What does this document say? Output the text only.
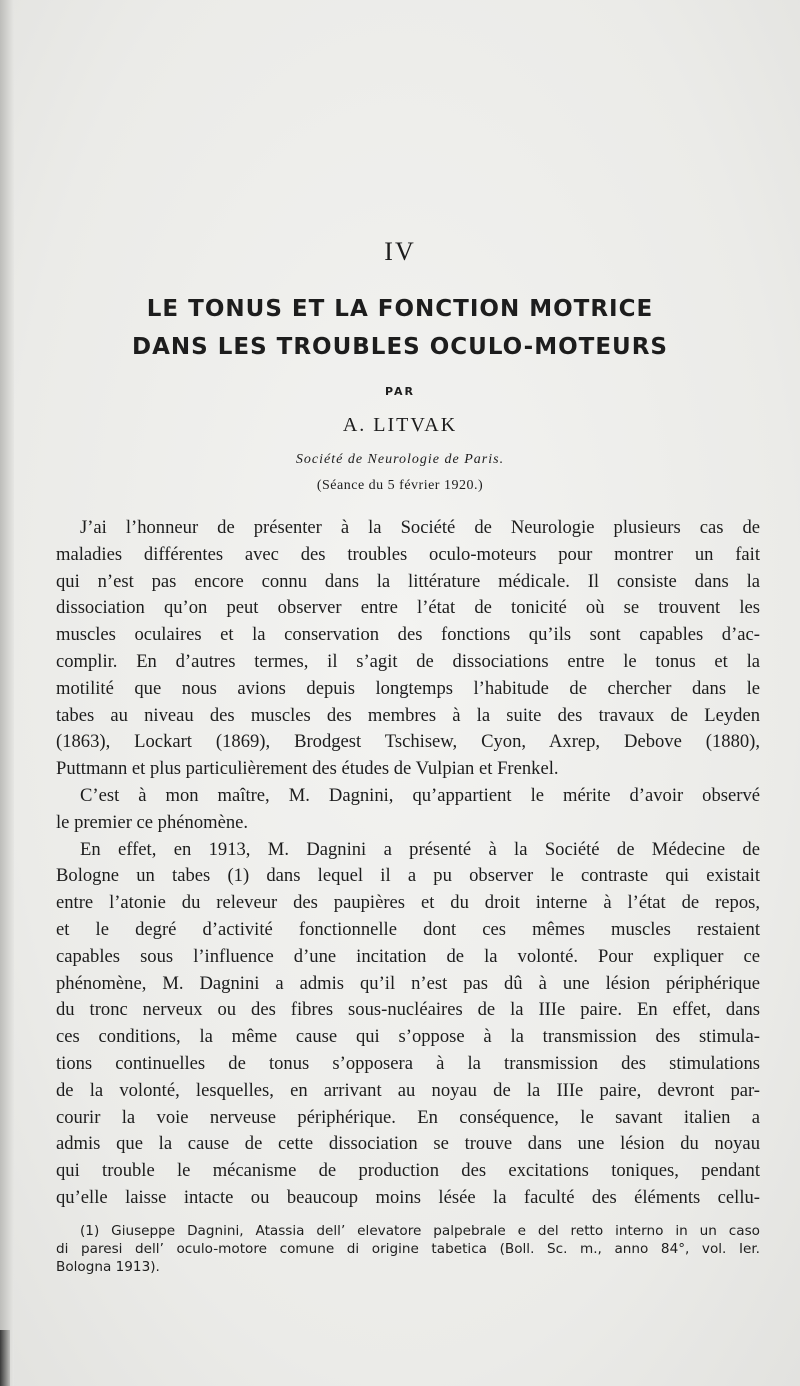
IV
LE TONUS ET LA FONCTION MOTRICE
DANS LES TROUBLES OCULO-MOTEURS
PAR
A. LITVAK
Société de Neurologie de Paris.
(Séance du 5 février 1920.)
J’ai l’honneur de présenter à la Société de Neurologie plusieurs cas de
maladies différentes avec des troubles oculo-moteurs pour montrer un fait
qui n’est pas encore connu dans la littérature médicale. Il consiste dans la
dissociation qu’on peut observer entre l’état de tonicité où se trouvent les
muscles oculaires et la conservation des fonctions qu’ils sont capables d’ac-
complir. En d’autres termes, il s’agit de dissociations entre le tonus et la
motilité que nous avions depuis longtemps l’habitude de chercher dans le
tabes au niveau des muscles des membres à la suite des travaux de Leyden
(1863), Lockart (1869), Brodgest Tschisew, Cyon, Axrep, Debove (1880),
Puttmann et plus particulièrement des études de Vulpian et Frenkel.
C’est à mon maître, M. Dagnini, qu’appartient le mérite d’avoir observé
le premier ce phénomène.
En effet, en 1913, M. Dagnini a présenté à la Société de Médecine de
Bologne un tabes (1) dans lequel il a pu observer le contraste qui existait
entre l’atonie du releveur des paupières et du droit interne à l’état de repos,
et le degré d’activité fonctionnelle dont ces mêmes muscles restaient
capables sous l’influence d’une incitation de la volonté. Pour expliquer ce
phénomène, M. Dagnini a admis qu’il n’est pas dû à une lésion périphérique
du tronc nerveux ou des fibres sous-nucléaires de la IIIe paire. En effet, dans
ces conditions, la même cause qui s’oppose à la transmission des stimula-
tions continuelles de tonus s’opposera à la transmission des stimulations
de la volonté, lesquelles, en arrivant au noyau de la IIIe paire, devront par-
courir la voie nerveuse périphérique. En conséquence, le savant italien a
admis que la cause de cette dissociation se trouve dans une lésion du noyau
qui trouble le mécanisme de production des excitations toniques, pendant
qu’elle laisse intacte ou beaucoup moins lésée la faculté des éléments cellu-
(1) Giuseppe Dagnini, Atassia dell’ elevatore palpebrale e del retto interno in un caso
di paresi dell’ oculo-motore comune di origine tabetica (Boll. Sc. m., anno 84°, vol. Ier.
Bologna 1913).
